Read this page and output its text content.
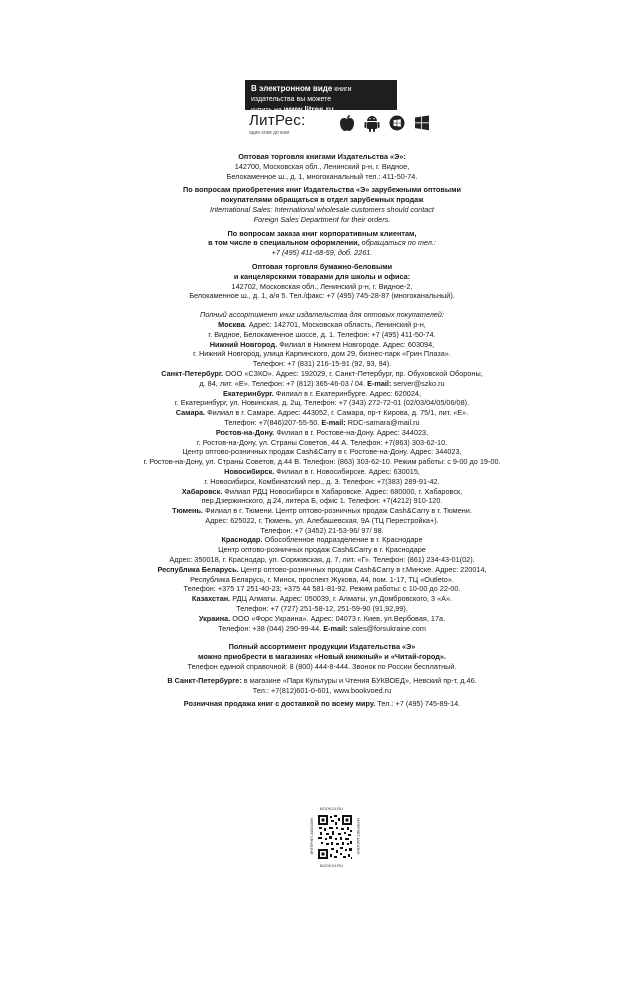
В электронном виде книги издательства вы можете
купить на www.litres.ru
ЛитРес:
один клик до книг

Оптовая торговля книгами Издательства «Э»:

142700, Московская обл., Ленинский р-н, г. Видное,

Белокаменное ш., д. 1, многоканальный тел.: 411-50-74.

По вопросам приобретения книг Издательства «Э» зарубежными оптовыми

покупателями обращаться в отдел зарубежных продаж

International Sales: International wholesale customers should contact

Foreign Sales Department for their orders.

По вопросам заказа книг корпоративным клиентам,

в том числе в специальном оформлении, обращаться по тел.:

+7 (495) 411-68-59, доб. 2261.

Оптовая торговля бумажно-беловыми

и канцелярскими товарами для школы и офиса:

142702, Московская обл., Ленинский р-н, г. Видное-2,

Белокаменное ш., д. 1, а/я 5. Тел./факс: +7 (495) 745-28-87 (многоканальный).

Полный ассортимент книг издательства для оптовых покупателей:

Москва. Адрес: 142701, Московская область, Ленинский р-н,

г. Видное, Белокаменное шоссе, д. 1. Телефон: +7 (495) 411-50-74.

Нижний Новгород. Филиал в Нижнем Новгороде. Адрес: 603094,

г. Нижний Новгород, улица Карпинского, дом 29, бизнес-парк «Грин Плаза».

Телефон: +7 (831) 216-15-91 (92, 93, 94).

Санкт-Петербург. ООО «СЗКО». Адрес: 192029, г. Санкт-Петербург, пр. Обуховской Обороны,

д. 84, лит. «Е». Телефон: +7 (812) 365-46-03 / 04. E-mail: server@szko.ru

Екатеринбург. Филиал в г. Екатеринбурге. Адрес: 620024,

г. Екатеринбург, ул. Новинская, д. 2щ. Телефон: +7 (343) 272-72-01 (02/03/04/05/06/08).

Самара. Филиал в г. Самаре. Адрес: 443052, г. Самара, пр-т Кирова, д. 75/1, лит. «Е».

Телефон: +7(846)207-55-50. E-mail: RDC-samara@mail.ru

Ростов-на-Дону. Филиал в г. Ростове-на-Дону. Адрес: 344023,

г. Ростов-на-Дону, ул. Страны Советов, 44 А. Телефон: +7(863) 303-62-10.

Центр оптово-розничных продаж Cash&Carry в г. Ростове-на-Дону. Адрес: 344023,

г. Ростов-на-Дону, ул. Страны Советов, д.44 В. Телефон: (863) 303-62-10. Режим работы: с 9-00 до 19-00.

Новосибирск. Филиал в г. Новосибирске. Адрес: 630015,

г. Новосибирск, Комбинатский пер., д. 3. Телефон: +7(383) 289-91-42.

Хабаровск. Филиал РДЦ Новосибирск в Хабаровске. Адрес: 680000, г. Хабаровск,

пер.Дзержинского, д.24, литера Б, офис 1. Телефон: +7(4212) 910-120.

Тюмень. Филиал в г. Тюмени. Центр оптово-розничных продаж Cash&Carry в г. Тюмени.

Адрес: 625022, г. Тюмень, ул. Алебашевская, 9А (ТЦ Перестройка+).

Телефон: +7 (3452) 21-53-96/ 97/ 98.

Краснодар. Обособленное подразделение в г. Краснодаре

Центр оптово-розничных продаж Cash&Carry в г. Краснодаре

Адрес: 350018, г. Краснодар, ул. Сормовская, д. 7, лит. «Г». Телефон: (861) 234-43-01(02).

Республика Беларусь. Центр оптово-розничных продаж Cash&Carry в г.Минске. Адрес: 220014,

Республика Беларусь, г. Минск, проспект Жукова, 44, пом. 1-17, ТЦ «Outleto».

Телефон: +375 17 251-40-23; +375 44 581-81-92. Режим работы: с 10-00 до 22-00.

Казахстан. РДЦ Алматы. Адрес: 050039, г. Алматы, ул.Домбровского, 3 «А».

Телефон: +7 (727) 251-58-12, 251-59-90 (91,92,99).

Украина. ООО «Форс Украина». Адрес: 04073 г. Киев, ул.Вербовая, 17а.

Телефон: +38 (044) 290-99-44. E-mail: sales@forsukraine.com

Полный ассортимент продукции Издательства «Э»

можно приобрести в магазинах «Новый книжный» и «Читай-город».

Телефон единой справочной: 8 (800) 444-8-444. Звонок по России бесплатный.

В Санкт-Петербурге: в магазине «Парк Культуры и Чтения БУКВОЕД», Невский пр-т, д.46.

Тел.: +7(812)601-0-601, www.bookvoed.ru

Розничная продажа книг с доставкой по всему миру. Тел.: +7 (495) 745-89-14.

BOOK24.RU
ИНТЕРНЕТ-МАГАЗИН	ИНТЕРНЕТ-МАГАЗИН
BOOK24.RU
